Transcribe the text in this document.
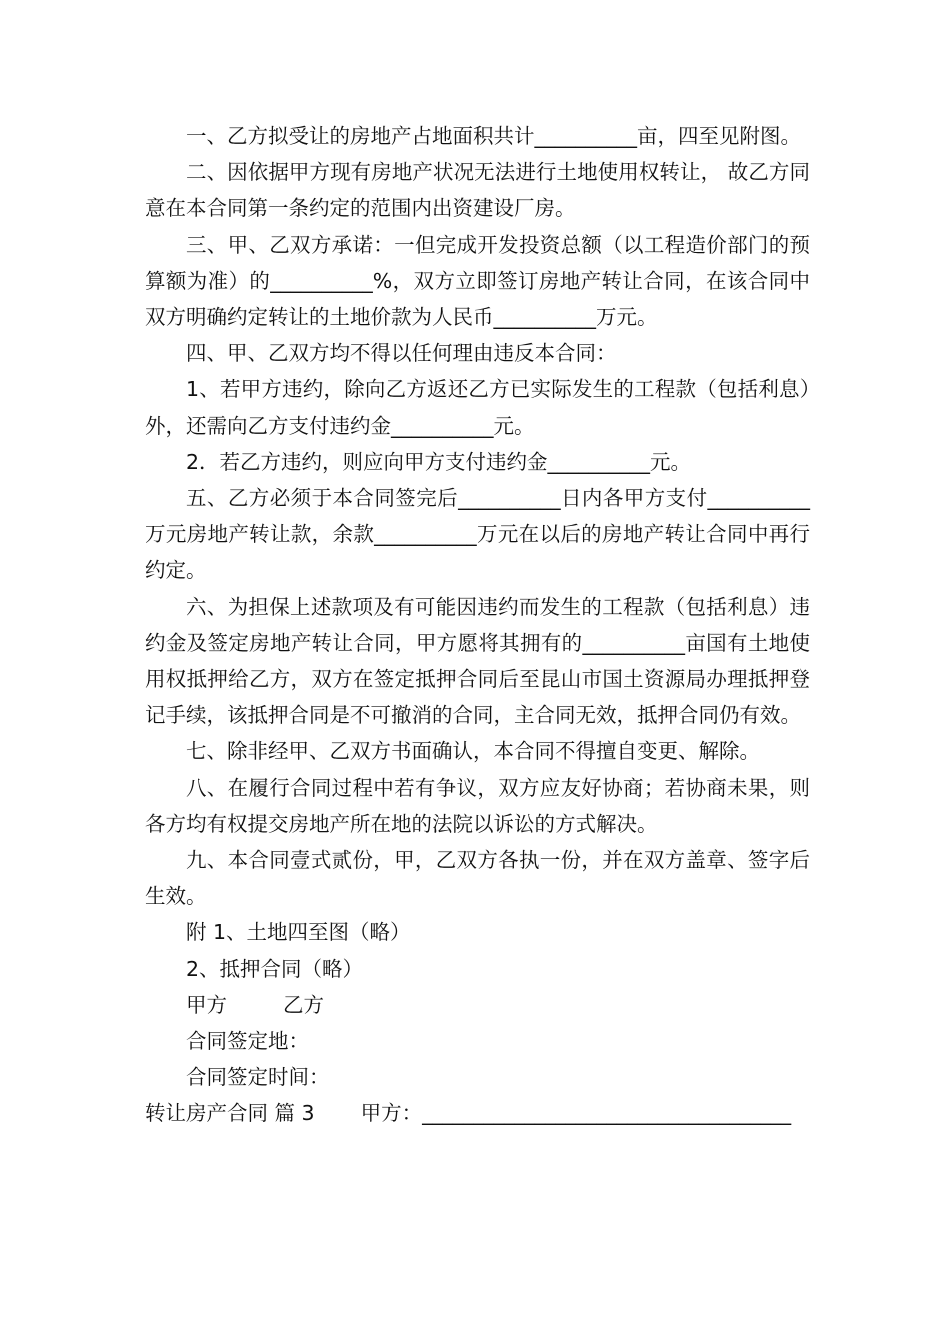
一、乙方拟受让的房地产占地面积共计__________亩，四至见附图。

二、因依据甲方现有房地产状况无法进行土地使用权转让， 故乙方同意在本合同第一条约定的范围内出资建设厂房。

三、甲、乙双方承诺：一但完成开发投资总额（以工程造价部门的预算额为准）的__________%，双方立即签订房地产转让合同，在该合同中双方明确约定转让的土地价款为人民币__________万元。

四、甲、乙双方均不得以任何理由违反本合同：

1、若甲方违约，除向乙方返还乙方已实际发生的工程款（包括利息）外，还需向乙方支付违约金__________元。

2．若乙方违约，则应向甲方支付违约金__________元。

五、乙方必须于本合同签完后__________日内各甲方支付__________万元房地产转让款，余款__________万元在以后的房地产转让合同中再行约定。

六、为担保上述款项及有可能因违约而发生的工程款（包括利息）违约金及签定房地产转让合同，甲方愿将其拥有的__________亩国有土地使用权抵押给乙方，双方在签定抵押合同后至昆山市国土资源局办理抵押登记手续，该抵押合同是不可撤消的合同，主合同无效，抵押合同仍有效。

七、除非经甲、乙双方书面确认，本合同不得擅自变更、解除。

八、在履行合同过程中若有争议，双方应友好协商；若协商未果，则各方均有权提交房地产所在地的法院以诉讼的方式解决。

九、本合同壹式贰份，甲，乙双方各执一份，并在双方盖章、签字后生效。

附 1、土地四至图（略）

2、抵押合同（略）

甲方	乙方

合同签定地：

合同签定时间：

转让房产合同 篇 3 甲方：____________________________________
